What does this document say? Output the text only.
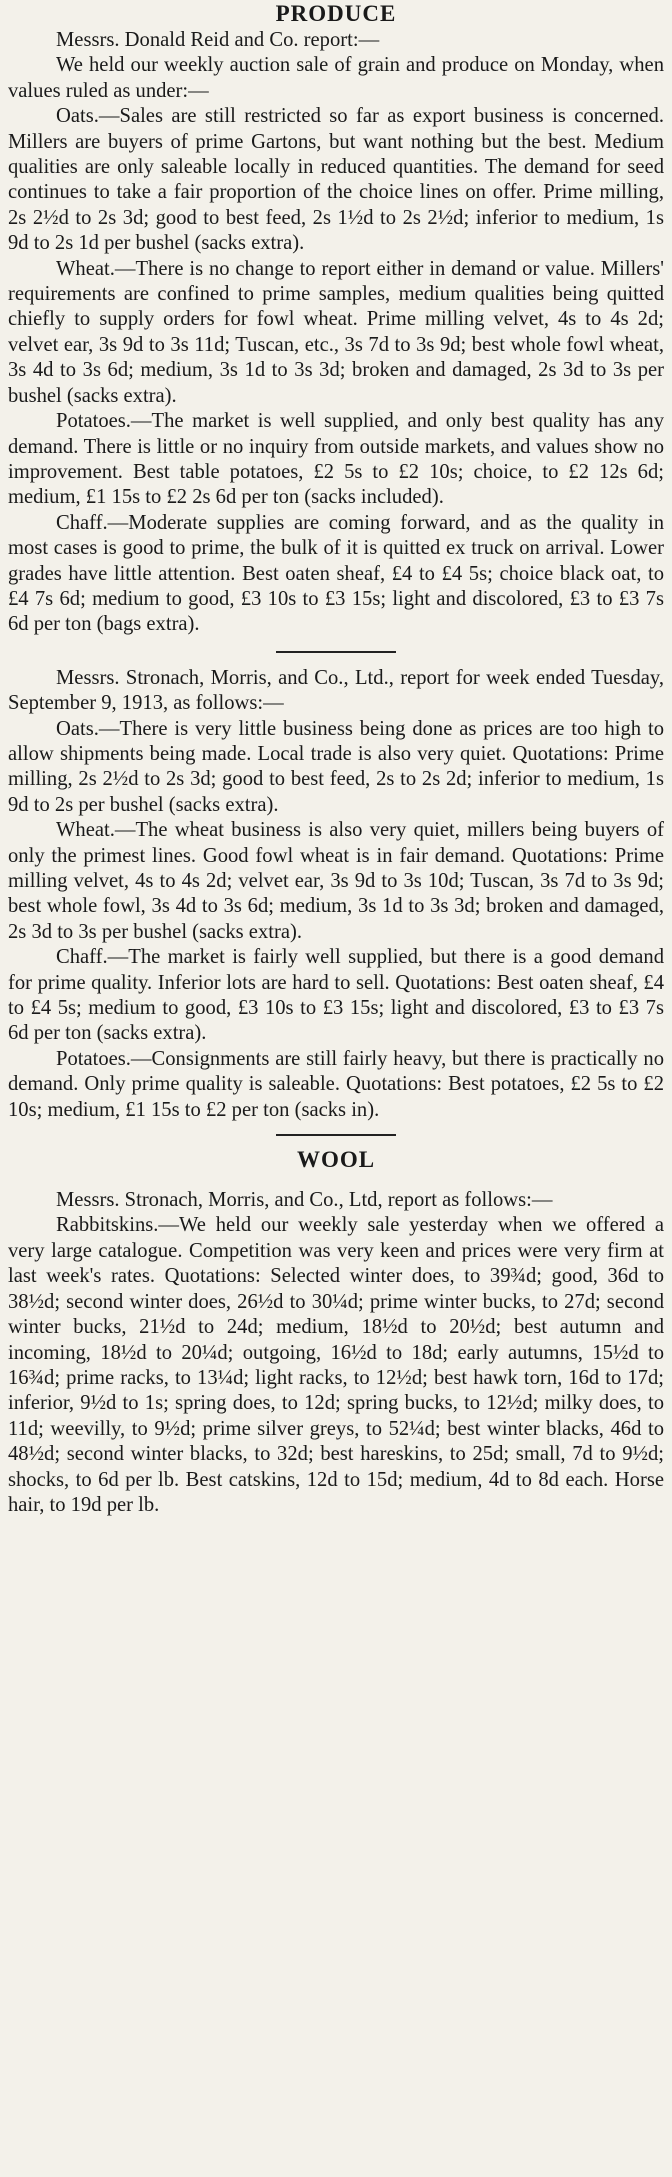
PRODUCE

Messrs. Donald Reid and Co. report:—

We held our weekly auction sale of grain and produce on Monday, when values ruled as under:—

Oats.—Sales are still restricted so far as export business is concerned. Millers are buyers of prime Gartons, but want nothing but the best. Medium qualities are only saleable locally in reduced quantities. The demand for seed continues to take a fair proportion of the choice lines on offer. Prime milling, 2s 2½d to 2s 3d; good to best feed, 2s 1½d to 2s 2½d; inferior to medium, 1s 9d to 2s 1d per bushel (sacks extra).

Wheat.—There is no change to report either in demand or value. Millers' requirements are confined to prime samples, medium qualities being quitted chiefly to supply orders for fowl wheat. Prime milling velvet, 4s to 4s 2d; velvet ear, 3s 9d to 3s 11d; Tuscan, etc., 3s 7d to 3s 9d; best whole fowl wheat, 3s 4d to 3s 6d; medium, 3s 1d to 3s 3d; broken and damaged, 2s 3d to 3s per bushel (sacks extra).

Potatoes.—The market is well supplied, and only best quality has any demand. There is little or no inquiry from outside markets, and values show no improvement. Best table potatoes, £2 5s to £2 10s; choice, to £2 12s 6d; medium, £1 15s to £2 2s 6d per ton (sacks included).

Chaff.—Moderate supplies are coming forward, and as the quality in most cases is good to prime, the bulk of it is quitted ex truck on arrival. Lower grades have little attention. Best oaten sheaf, £4 to £4 5s; choice black oat, to £4 7s 6d; medium to good, £3 10s to £3 15s; light and discolored, £3 to £3 7s 6d per ton (bags extra).

Messrs. Stronach, Morris, and Co., Ltd., report for week ended Tuesday, September 9, 1913, as follows:—

Oats.—There is very little business being done as prices are too high to allow shipments being made. Local trade is also very quiet. Quotations: Prime milling, 2s 2½d to 2s 3d; good to best feed, 2s to 2s 2d; inferior to medium, 1s 9d to 2s per bushel (sacks extra).

Wheat.—The wheat business is also very quiet, millers being buyers of only the primest lines. Good fowl wheat is in fair demand. Quotations: Prime milling velvet, 4s to 4s 2d; velvet ear, 3s 9d to 3s 10d; Tuscan, 3s 7d to 3s 9d; best whole fowl, 3s 4d to 3s 6d; medium, 3s 1d to 3s 3d; broken and damaged, 2s 3d to 3s per bushel (sacks extra).

Chaff.—The market is fairly well supplied, but there is a good demand for prime quality. Inferior lots are hard to sell. Quotations: Best oaten sheaf, £4 to £4 5s; medium to good, £3 10s to £3 15s; light and discolored, £3 to £3 7s 6d per ton (sacks extra).

Potatoes.—Consignments are still fairly heavy, but there is practically no demand. Only prime quality is saleable. Quotations: Best potatoes, £2 5s to £2 10s; medium, £1 15s to £2 per ton (sacks in).

WOOL

Messrs. Stronach, Morris, and Co., Ltd, report as follows:—

Rabbitskins.—We held our weekly sale yesterday when we offered a very large catalogue. Competition was very keen and prices were very firm at last week's rates. Quotations: Selected winter does, to 39¾d; good, 36d to 38½d; second winter does, 26½d to 30¼d; prime winter bucks, to 27d; second winter bucks, 21½d to 24d; medium, 18½d to 20½d; best autumn and incoming, 18½d to 20¼d; outgoing, 16½d to 18d; early autumns, 15½d to 16¾d; prime racks, to 13¼d; light racks, to 12½d; best hawk torn, 16d to 17d; inferior, 9½d to 1s; spring does, to 12d; spring bucks, to 12½d; milky does, to 11d; weevilly, to 9½d; prime silver greys, to 52¼d; best winter blacks, 46d to 48½d; second winter blacks, to 32d; best hareskins, to 25d; small, 7d to 9½d; shocks, to 6d per lb. Best catskins, 12d to 15d; medium, 4d to 8d each. Horse hair, to 19d per lb.
